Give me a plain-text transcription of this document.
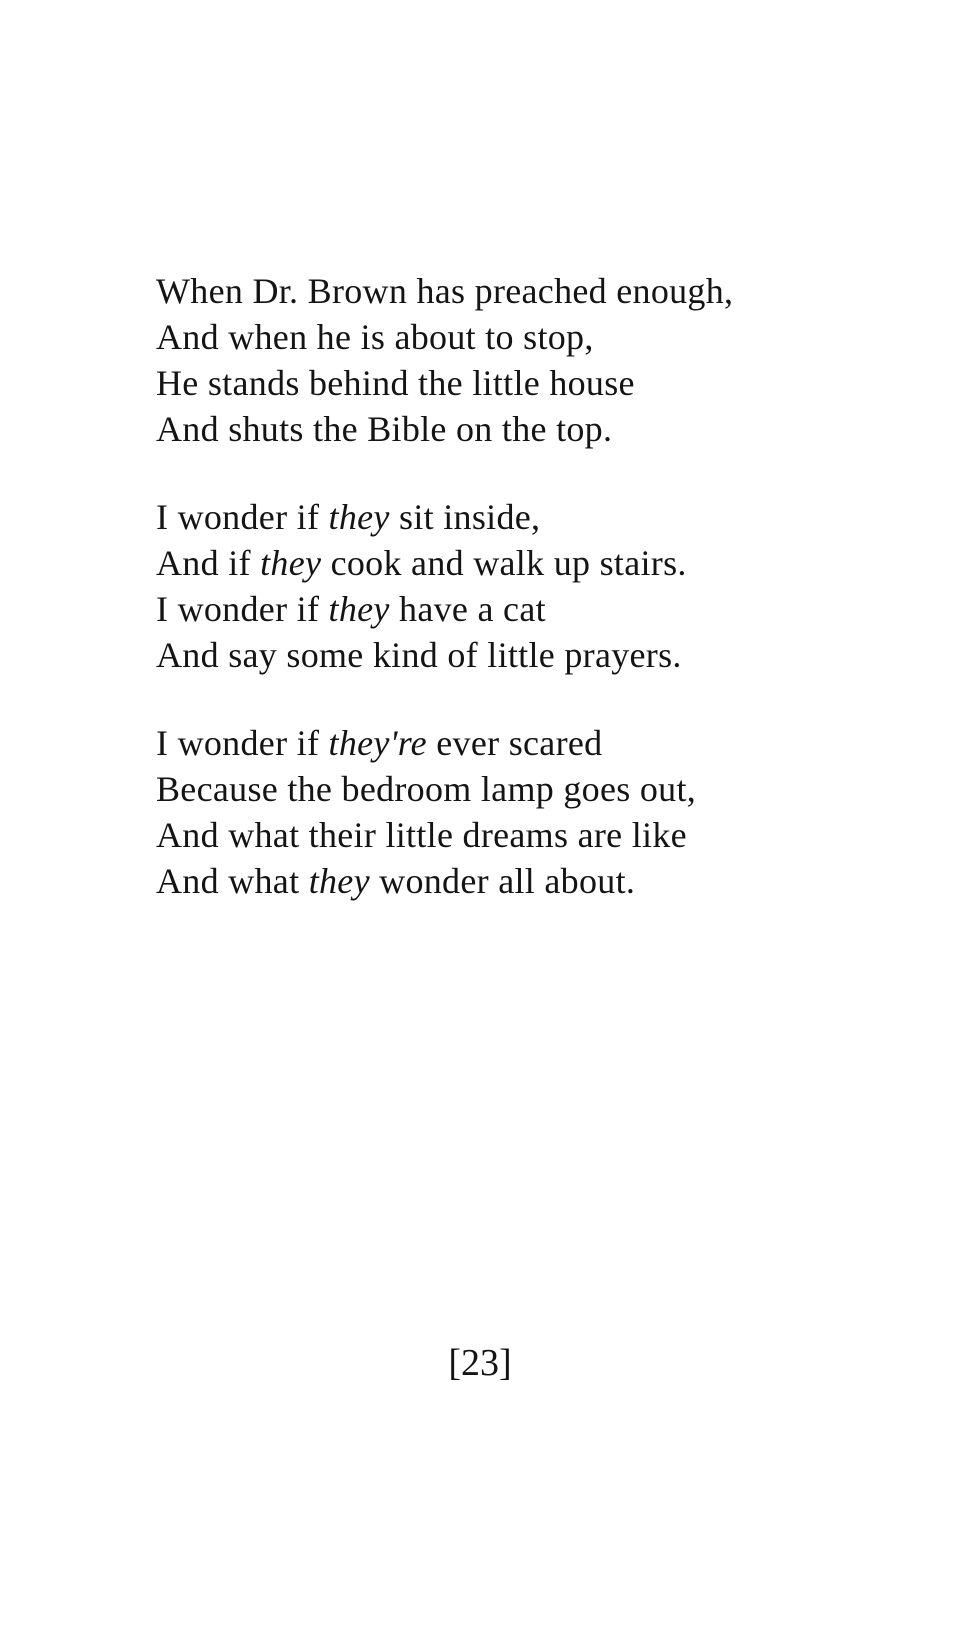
When Dr. Brown has preached enough,
And when he is about to stop,
He stands behind the little house
And shuts the Bible on the top.
I wonder if they sit inside,
And if they cook and walk up stairs.
I wonder if they have a cat
And say some kind of little prayers.
I wonder if they're ever scared
Because the bedroom lamp goes out,
And what their little dreams are like
And what they wonder all about.
[23]
